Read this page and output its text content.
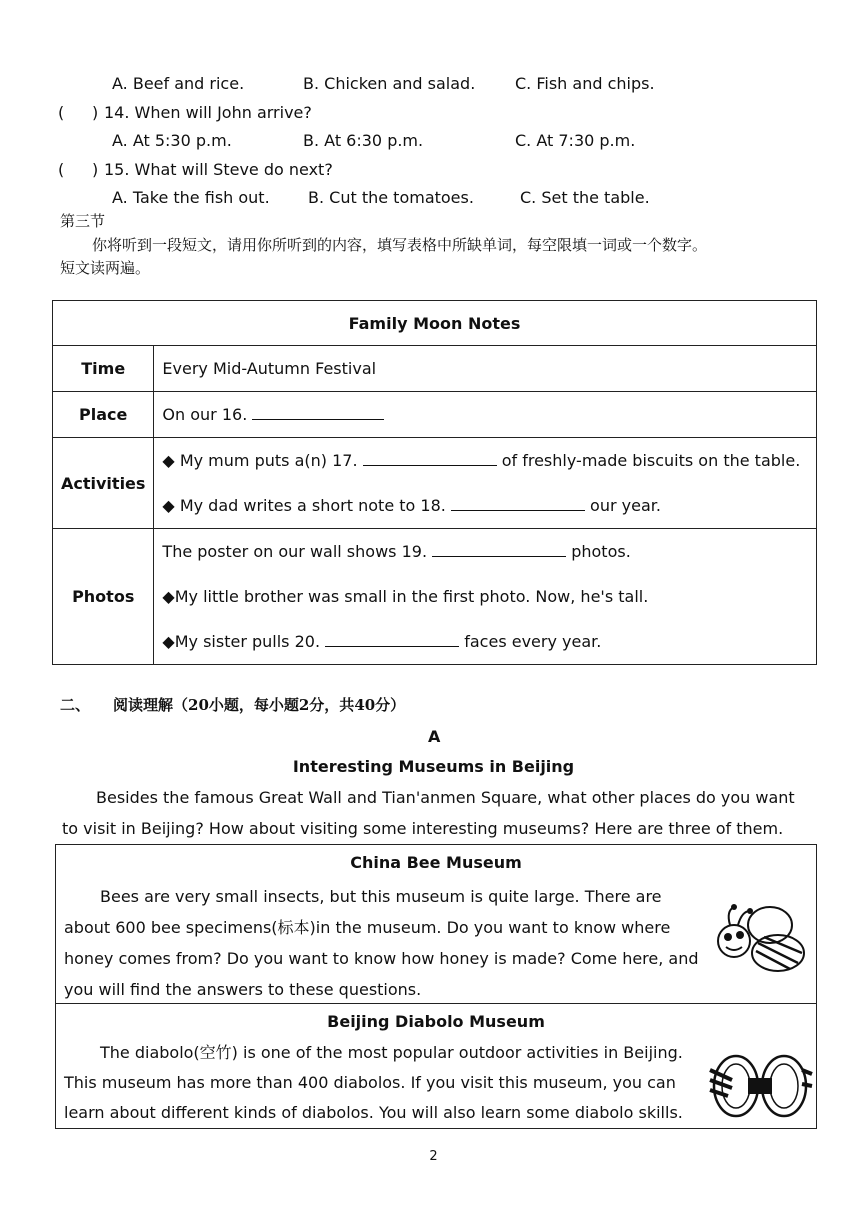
A. Beef and rice.	B. Chicken and salad. C. Fish and chips.
( ) 14. When will John arrive?
A. At 5:30 p.m.	B. At 6:30 p.m.	C. At 7:30 p.m.
( ) 15. What will Steve do next?
A. Take the fish out. B. Cut the tomatoes.	C. Set the table.
第三节
你将听到一段短文，请用你所听到的内容，填写表格中所缺单词，每空限填一词或一个数字。
短文读两遍。
Family Moon Notes	
Time	Every Mid-Autumn Festival

Place	On our 16.

Activities	◆ My mum puts a(n) 17. of freshly-made biscuits on the table.
◆ My dad writes a short note to 18. our year.

Photos	The poster on our wall shows 19. photos.
◆My little brother was small in the first photo. Now, he's tall.
◆My sister pulls 20. faces every year.
二、 阅读理解（20小题，每小题2分，共40分）
A
Interesting Museums in Beijing
Besides the famous Great Wall and Tian'anmen Square, what other places do you want
to visit in Beijing? How about visiting some interesting museums? Here are three of them.
China Bee Museum
Bees are very small insects, but this museum is quite large. There are
about 600 bee specimens(标本)in the museum. Do you want to know where
honey comes from? Do you want to know how honey is made? Come here, and
you will find the answers to these questions.
Beijing Diabolo Museum
The diabolo(空竹) is one of the most popular outdoor activities in Beijing.
This museum has more than 400 diabolos. If you visit this museum, you can
learn about different kinds of diabolos. You will also learn some diabolo skills.
2
